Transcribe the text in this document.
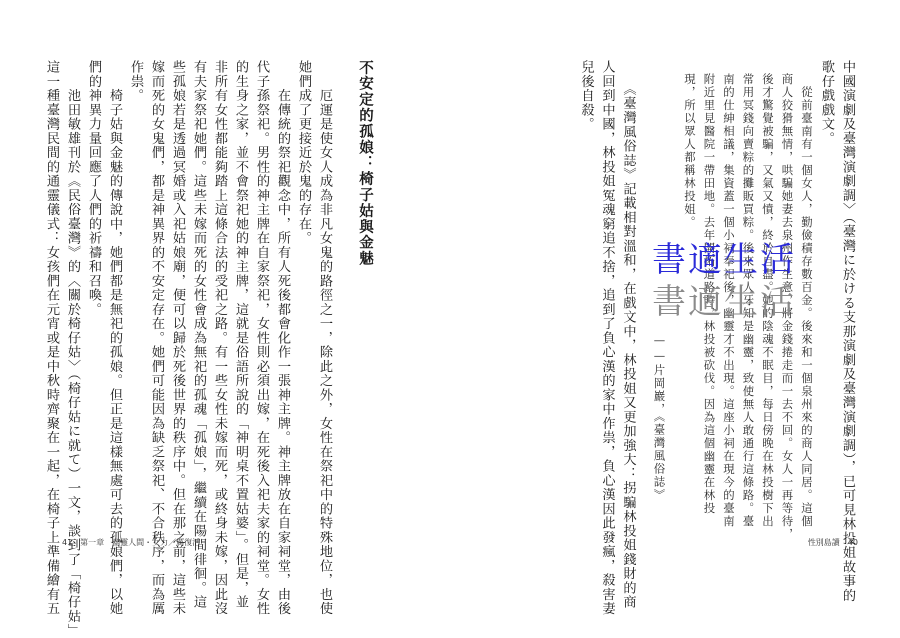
不安定的孤娘：椅子姑與金魅
　　厄運是使女人成為非凡女鬼的路徑之一，除此之外，女性在祭祀中的特殊地位，也使
她們成了更接近於鬼的存在。
　　在傳統的祭祀觀念中，所有人死後都會化作一張神主牌。神主牌放在自家祠堂，由後
代子孫祭祀。男性的神主牌在自家祭祀，女性則必須出嫁，在死後入祀夫家的祠堂。女性
的生身之家，並不會祭祀她的神主牌，這就是俗語所說的「神明桌不置姑婆」。但是，並
非所有女性都能夠踏上這條合法的受祀之路。有一些女性未嫁而死，或終身未嫁，因此沒
有夫家祭祀她們。這些未嫁而死的女性會成為無祀的孤魂「孤娘」，繼續在陽間徘徊。這
些孤娘若是透過冥婚或入祀姑娘廟，便可以歸於死後世界的秩序中。但在那之前，這些未
嫁而死的女鬼們，都是神異界的不安定存在。她們可能因為缺乏祭祀、不合秩序，而為厲
作祟。
　　椅子姑與金魅的傳說中，她們都是無祀的孤娘。但正是這樣無處可去的孤娘們，以她
們的神異力量回應了人們的祈禱和召喚。
　　池田敏雄刊於《民俗臺灣》的〈關於椅仔姑〉（椅仔姑に就て）一文，談到了「椅仔姑」
這一種臺灣民間的通靈儀式：女孩們在元宵或是中秋時齊聚在一起，在椅子上準備繪有五 41　第一章　幽靈人間・女力／厲復活	中國演劇及臺灣演劇調〉（臺灣に於ける支那演劇及臺灣演劇調），已可見林投姐故事的
歌仔戲戲文。
　　從前臺南有一個女人，勤儉積存數百金。後來和一個泉州來的商人同居。這個
　商人狡猾無情，哄騙她妻去泉州作生意，將金錢捲走而一去不回。女人一再等待，
　後才驚覺被騙，又氣又憤，終於自盡。她的陰魂不眠目，每日傍晚在林投樹下出
　常用冥錢向賣粽的攤販買粽。後來眾人牙知是幽靈，致使無人敢通行這條路。臺
　南的仕紳相議，集資蓋一個小祠奉祀後，幽靈才不出現。這座小祠在現今的臺南
　附近里見醫院一帶田地。去年開拓道路時，林投被砍伐。因為這個幽靈在林投
　現，所以眾人都稱林投姐。
　　　　　　　　　　　　　　　　　　　　　——片岡巖，《臺灣風俗誌》
　　《臺灣風俗誌》記載相對溫和，在戲文中，林投姐又更加強大：拐騙林投姐錢財的商
人回到中國，林投姐冤魂窮追不捨，追到了負心漢的家中作祟，負心漢因此發瘋，殺害妻
兒後自殺。
性別島讀　40
書適生活
書適生活
